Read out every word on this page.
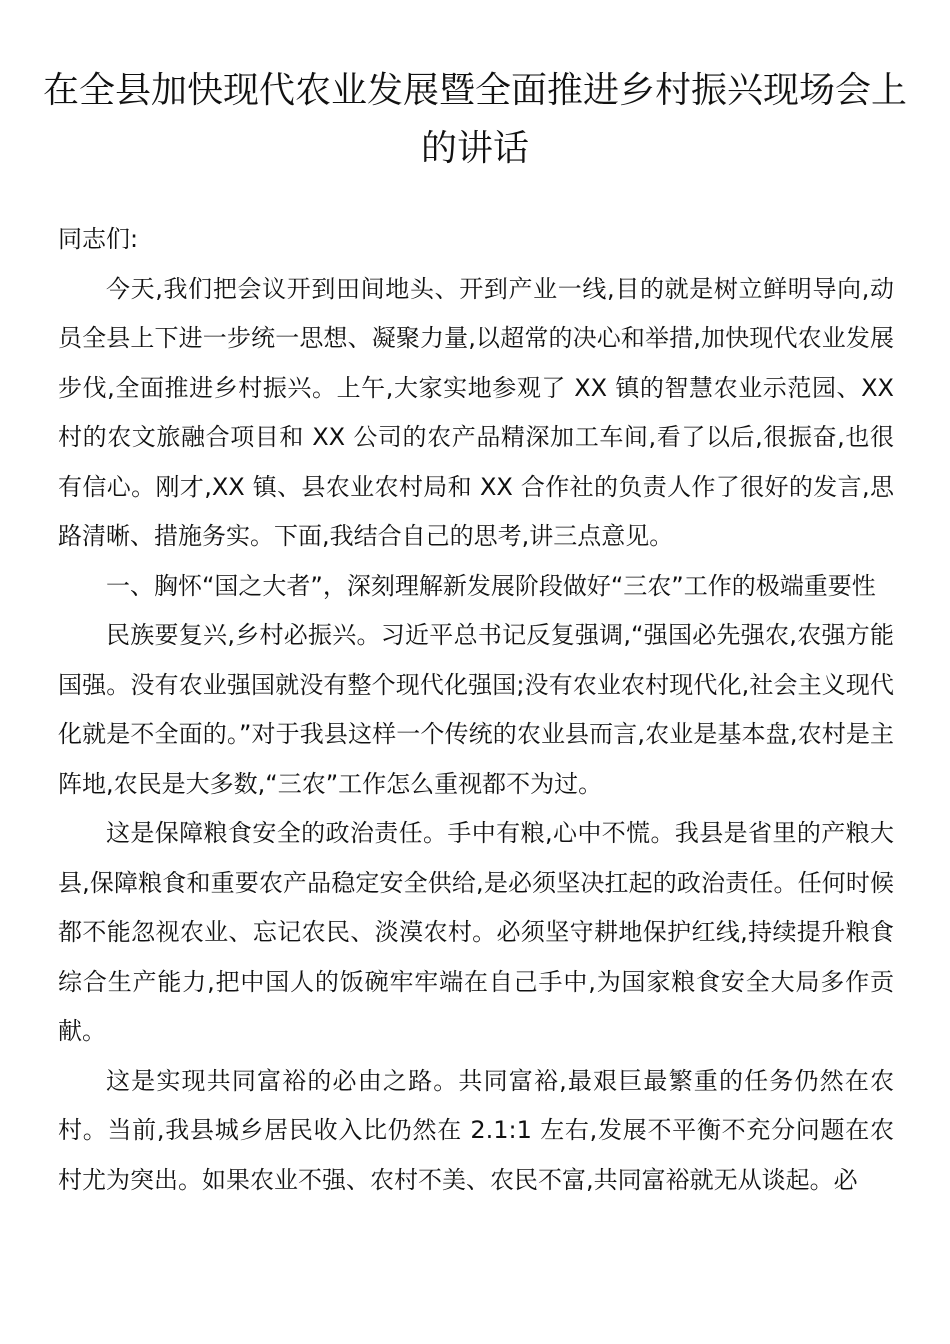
在全县加快现代农业发展暨全面推进乡村振兴现场会上的讲话

同志们:

今天,我们把会议开到田间地头、开到产业一线,目的就是树立鲜明导向,动员全县上下进一步统一思想、凝聚力量,以超常的决心和举措,加快现代农业发展步伐,全面推进乡村振兴。上午,大家实地参观了 XX 镇的智慧农业示范园、XX 村的农文旅融合项目和 XX 公司的农产品精深加工车间,看了以后,很振奋,也很有信心。刚才,XX 镇、县农业农村局和 XX 合作社的负责人作了很好的发言,思路清晰、措施务实。下面,我结合自己的思考,讲三点意见。

一、胸怀“国之大者”，深刻理解新发展阶段做好“三农”工作的极端重要性

民族要复兴,乡村必振兴。习近平总书记反复强调,“强国必先强农,农强方能国强。没有农业强国就没有整个现代化强国;没有农业农村现代化,社会主义现代化就是不全面的。”对于我县这样一个传统的农业县而言,农业是基本盘,农村是主阵地,农民是大多数,“三农”工作怎么重视都不为过。

这是保障粮食安全的政治责任。手中有粮,心中不慌。我县是省里的产粮大县,保障粮食和重要农产品稳定安全供给,是必须坚决扛起的政治责任。任何时候都不能忽视农业、忘记农民、淡漠农村。必须坚守耕地保护红线,持续提升粮食综合生产能力,把中国人的饭碗牢牢端在自己手中,为国家粮食安全大局多作贡献。

这是实现共同富裕的必由之路。共同富裕,最艰巨最繁重的任务仍然在农村。当前,我县城乡居民收入比仍然在 2.1:1 左右,发展不平衡不充分问题在农村尤为突出。如果农业不强、农村不美、农民不富,共同富裕就无从谈起。必
